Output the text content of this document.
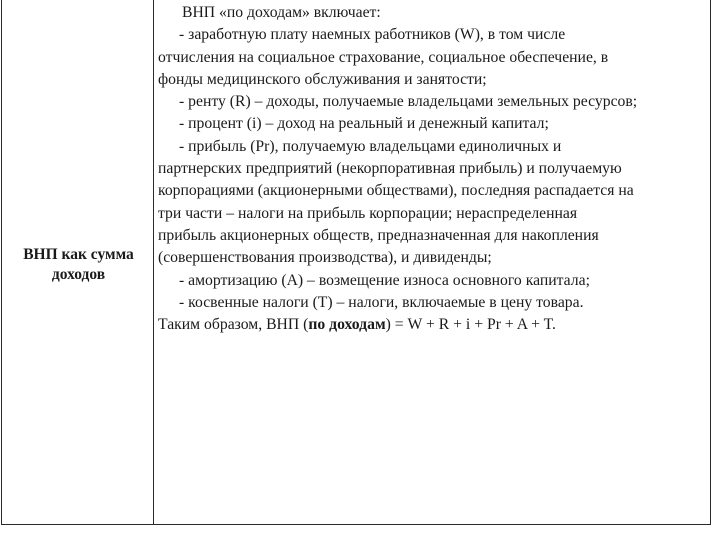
ВНП как сумма
доходов
ВНП «по доходам» включает:
- заработную плату наемных работников (W), в том числе
отчисления на социальное страхование, социальное обеспечение, в
фонды медицинского обслуживания и занятости;
- ренту (R) – доходы, получаемые владельцами земельных ресурсов;
- процент (i) – доход на реальный и денежный капитал;
- прибыль (Pr), получаемую владельцами единоличных и
партнерских предприятий (некорпоративная прибыль) и получаемую
корпорациями (акционерными обществами), последняя распадается на
три части – налоги на прибыль корпорации; нераспределенная
прибыль акционерных обществ, предназначенная для накопления
(совершенствования производства), и дивиденды;
- амортизацию (A) – возмещение износа основного капитала;
- косвенные налоги (T) – налоги, включаемые в цену товара.
Таким образом, ВНП (по доходам) = W + R + i + Pr + A + T.
